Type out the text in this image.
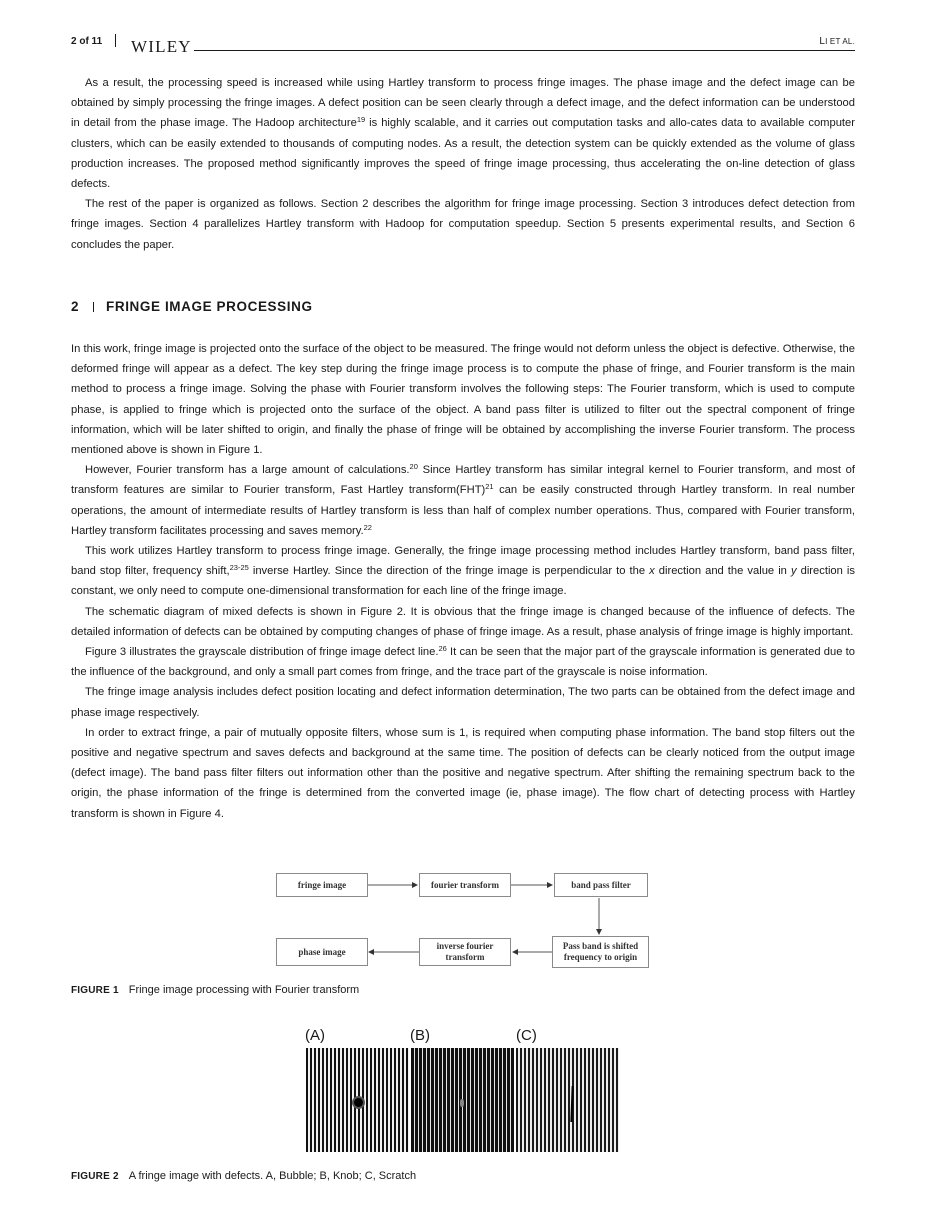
2 of 11 WILEY	LI ET AL.

As a result, the processing speed is increased while using Hartley transform to process fringe images. The phase image and the defect image can be obtained by simply processing the fringe images. A defect position can be seen clearly through a defect image, and the defect information can be understood in detail from the phase image. The Hadoop architecture$^{19}$ is highly scalable, and it carries out computation tasks and allo-cates data to available computer clusters, which can be easily extended to thousands of computing nodes. As a result, the detection system can be quickly extended as the volume of glass production increases. The proposed method significantly improves the speed of fringe image processing, thus accelerating the on-line detection of glass defects.

The rest of the paper is organized as follows. Section 2 describes the algorithm for fringe image processing. Section 3 introduces defect detection from fringe images. Section 4 parallelizes Hartley transform with Hadoop for computation speedup. Section 5 presents experimental results, and Section 6 concludes the paper.

2 FRINGE IMAGE PROCESSING

In this work, fringe image is projected onto the surface of the object to be measured. The fringe would not deform unless the object is defective. Otherwise, the deformed fringe will appear as a defect. The key step during the fringe image process is to compute the phase of fringe, and Fourier transform is the main method to process a fringe image. Solving the phase with Fourier transform involves the following steps: The Fourier transform, which is used to compute phase, is applied to fringe which is projected onto the surface of the object. A band pass filter is utilized to filter out the spectral component of fringe information, which will be later shifted to origin, and finally the phase of fringe will be obtained by accomplishing the inverse Fourier transform. The process mentioned above is shown in Figure 1.

However, Fourier transform has a large amount of calculations.$^{20}$ Since Hartley transform has similar integral kernel to Fourier transform, and most of transform features are similar to Fourier transform, Fast Hartley transform(FHT)$^{21}$ can be easily constructed through Hartley transform. In real number operations, the amount of intermediate results of Hartley transform is less than half of complex number operations. Thus, compared with Fourier transform, Hartley transform facilitates processing and saves memory.$^{22}$

This work utilizes Hartley transform to process fringe image. Generally, the fringe image processing method includes Hartley transform, band pass filter, band stop filter, frequency shift,$^{23-25}$ inverse Hartley. Since the direction of the fringe image is perpendicular to the x direction and the value in y direction is constant, we only need to compute one-dimensional transformation for each line of the fringe image.

The schematic diagram of mixed defects is shown in Figure 2. It is obvious that the fringe image is changed because of the influence of defects. The detailed information of defects can be obtained by computing changes of phase of fringe image. As a result, phase analysis of fringe image is highly important.

Figure 3 illustrates the grayscale distribution of fringe image defect line.$^{26}$ It can be seen that the major part of the grayscale information is generated due to the influence of the background, and only a small part comes from fringe, and the trace part of the grayscale is noise information.

The fringe image analysis includes defect position locating and defect information determination, The two parts can be obtained from the defect image and phase image respectively.

In order to extract fringe, a pair of mutually opposite filters, whose sum is 1, is required when computing phase information. The band stop filters out the positive and negative spectrum and saves defects and background at the same time. The position of defects can be clearly noticed from the output image (defect image). The band pass filter filters out information other than the positive and negative spectrum. After shifting the remaining spectrum back to the origin, the phase information of the fringe is determined from the converted image (ie, phase image). The flow chart of detecting process with Hartley transform is shown in Figure 4.

fringe image	fourier transform	band pass filter
Pass band is shifted
frequency to origin
inverse fourier
transform
phase image
FIGURE 1 Fringe image processing with Fourier transform
(A)	(B)	(C)
FIGURE 2 A fringe image with defects. A, Bubble; B, Knob; C, Scratch
